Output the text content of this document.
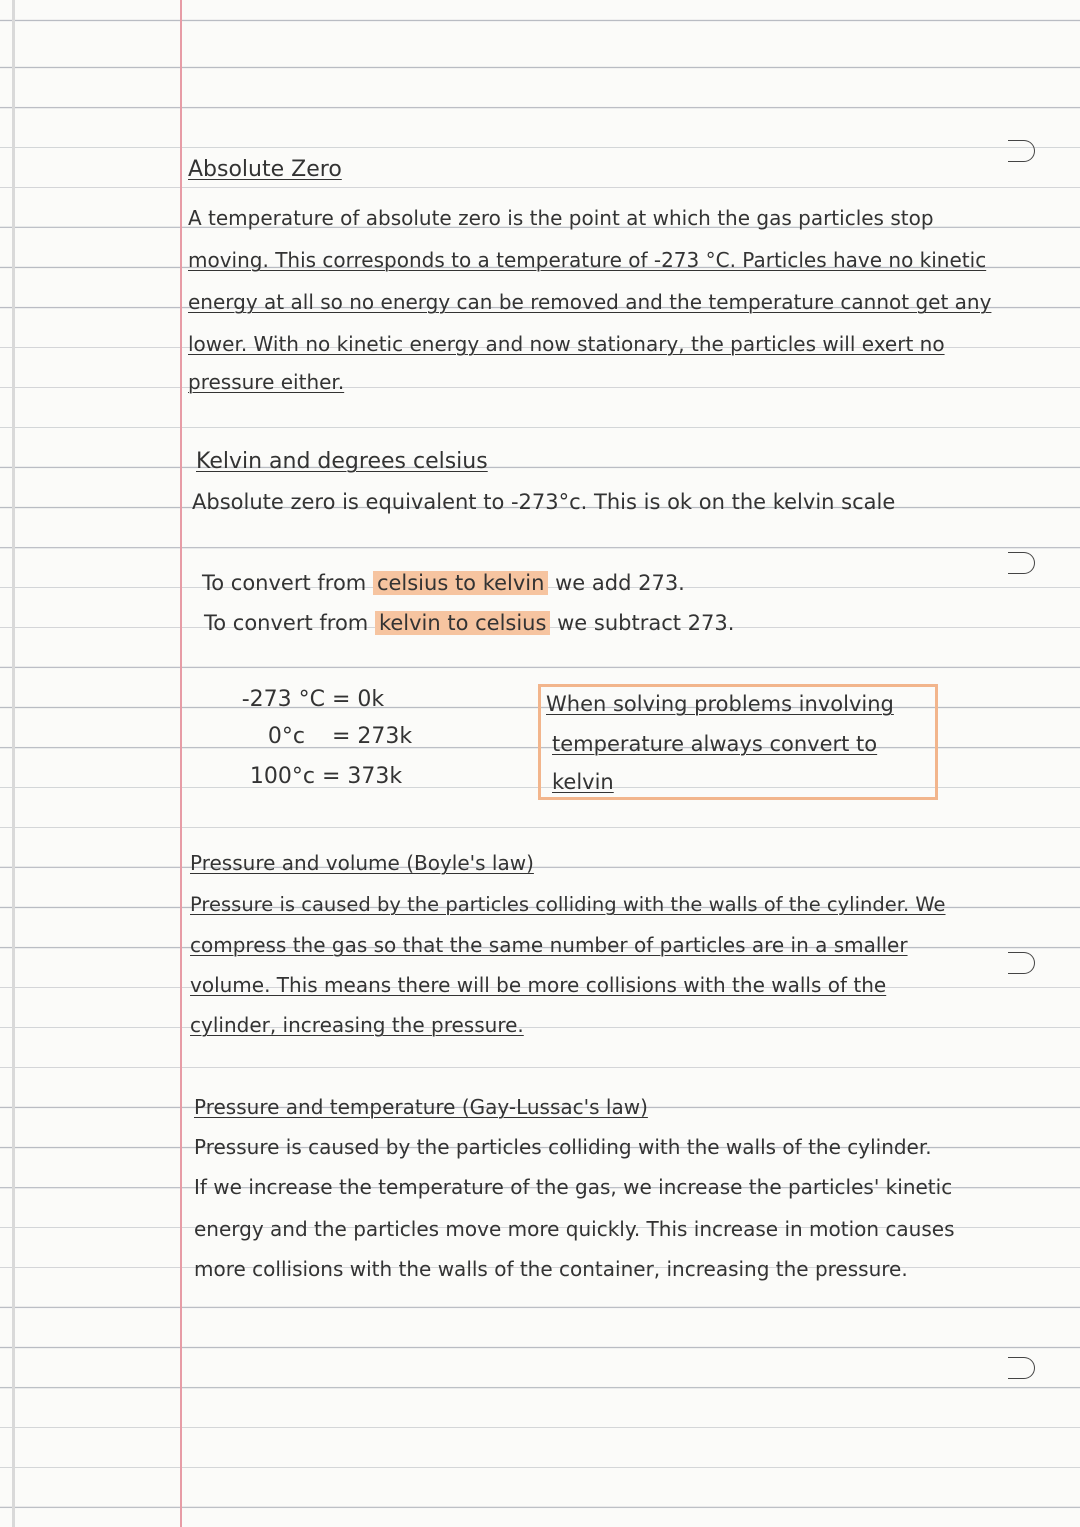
Absolute Zero
A temperature of absolute zero is the point at which the gas particles stop
moving. This corresponds to a temperature of -273 °C. Particles have no kinetic
energy at all so no energy can be removed and the temperature cannot get any
lower. With no kinetic energy and now stationary, the particles will exert no
pressure either.
Kelvin and degrees celsius
Absolute zero is equivalent to -273°c. This is ok on the kelvin scale
To convert from celsius to kelvin we add 273.
To convert from kelvin to celsius we subtract 273.
-273 °C = 0k
0°c = 273k
100°c = 373k
When solving problems involving
temperature always convert to
kelvin
Pressure and volume (Boyle's law)
Pressure is caused by the particles colliding with the walls of the cylinder. We
compress the gas so that the same number of particles are in a smaller
volume. This means there will be more collisions with the walls of the
cylinder, increasing the pressure.
Pressure and temperature (Gay-Lussac's law)
Pressure is caused by the particles colliding with the walls of the cylinder.
If we increase the temperature of the gas, we increase the particles' kinetic
energy and the particles move more quickly. This increase in motion causes
more collisions with the walls of the container, increasing the pressure.
